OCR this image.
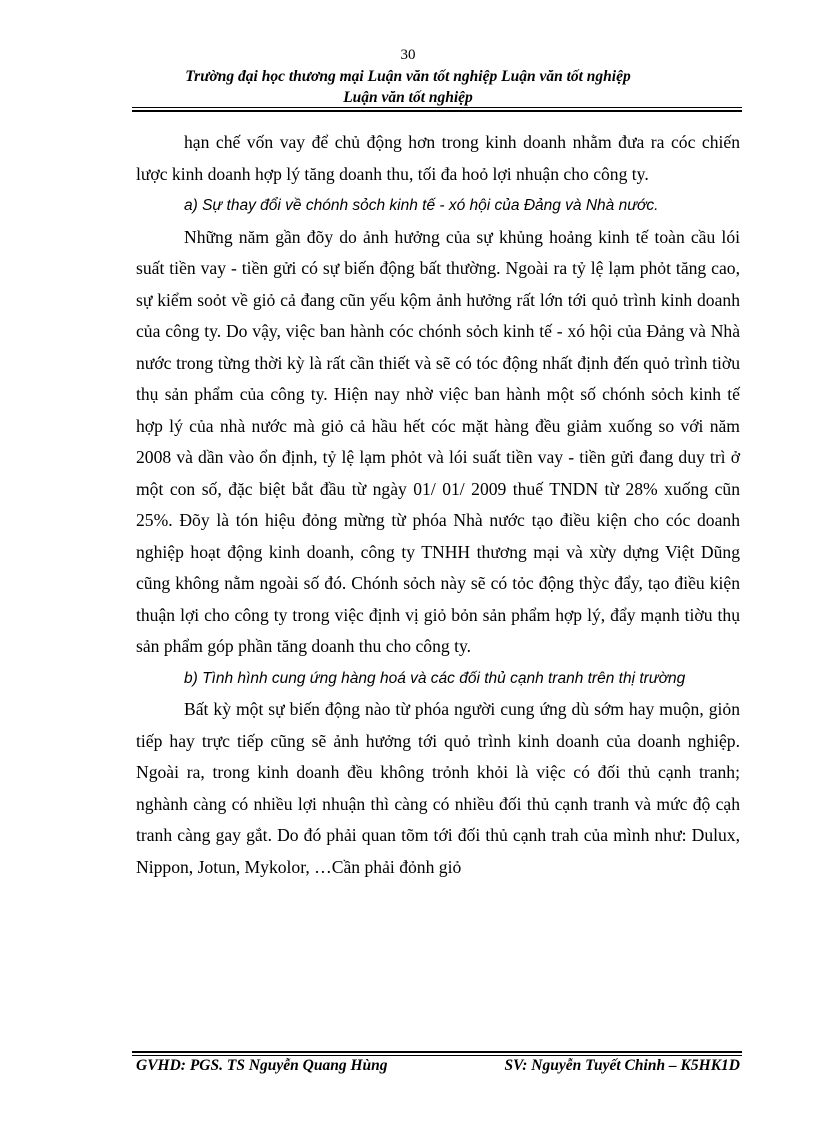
30
Trường đại học thương mại Luận văn tốt nghiệp Luận văn tốt nghiệp
Luận văn tốt nghiệp

hạn chế vốn vay để chủ động hơn trong kinh doanh nhằm đưa ra cóc chiến lược kinh doanh hợp lý tăng doanh thu, tối đa hoỏ lợi nhuận cho công ty.

a) Sự thay đổi về chónh sỏch kinh tế - xó hội của Đảng và Nhà nước.

Những năm gần đõy do ảnh hưởng của sự khủng hoảng kinh tế toàn cầu lói suất tiền vay - tiền gửi có sự biến động bất thường. Ngoài ra tỷ lệ lạm phỏt tăng cao, sự kiểm soỏt về giỏ cả đang cũn yếu kộm ảnh hưởng rất lớn tới quỏ trình kinh doanh của công ty. Do vậy, việc ban hành cóc chónh sỏch kinh tế - xó hội của Đảng và Nhà nước trong từng thời kỳ là rất cần thiết và sẽ có tóc động nhất định đến quỏ trình tiờu thụ sản phẩm của công ty. Hiện nay nhờ việc ban hành một số chónh sỏch kinh tế hợp lý của nhà nước mà giỏ cả hầu hết cóc mặt hàng đều giảm xuống so với năm 2008 và dần vào ổn định, tỷ lệ lạm phỏt và lói suất tiền vay - tiền gửi đang duy trì ở một con số, đặc biệt bắt đầu từ ngày 01/ 01/ 2009 thuế TNDN từ 28% xuống cũn 25%. Đõy là tón hiệu đỏng mừng từ phóa Nhà nước tạo điều kiện cho cóc doanh nghiệp hoạt động kinh doanh, công ty TNHH thương mại và xừy dựng Việt Dũng cũng không nằm ngoài số đó. Chónh sỏch này sẽ có tỏc động thỳc đẩy, tạo điều kiện thuận lợi cho công ty trong việc định vị giỏ bỏn sản phẩm hợp lý, đẩy mạnh tiờu thụ sản phẩm góp phần tăng doanh thu cho công ty.

b) Tình hình cung ứng hàng hoá và các đối thủ cạnh tranh trên thị trường

Bất kỳ một sự biến động nào từ phóa người cung ứng dù sớm hay muộn, giỏn tiếp hay trực tiếp cũng sẽ ảnh hưởng tới quỏ trình kinh doanh của doanh nghiệp. Ngoài ra, trong kinh doanh đều không trỏnh khỏi là việc có đối thủ cạnh tranh; nghành càng có nhiều lợi nhuận thì càng có nhiều đối thủ cạnh tranh và mức độ cạh tranh càng gay gắt. Do đó phải quan tõm tới đối thủ cạnh trah của mình như: Dulux, Nippon, Jotun, Mykolor, …Cần phải đỏnh giỏ

GVHD: PGS. TS Nguyễn Quang Hùng	SV: Nguyễn Tuyết Chinh – K5HK1D
